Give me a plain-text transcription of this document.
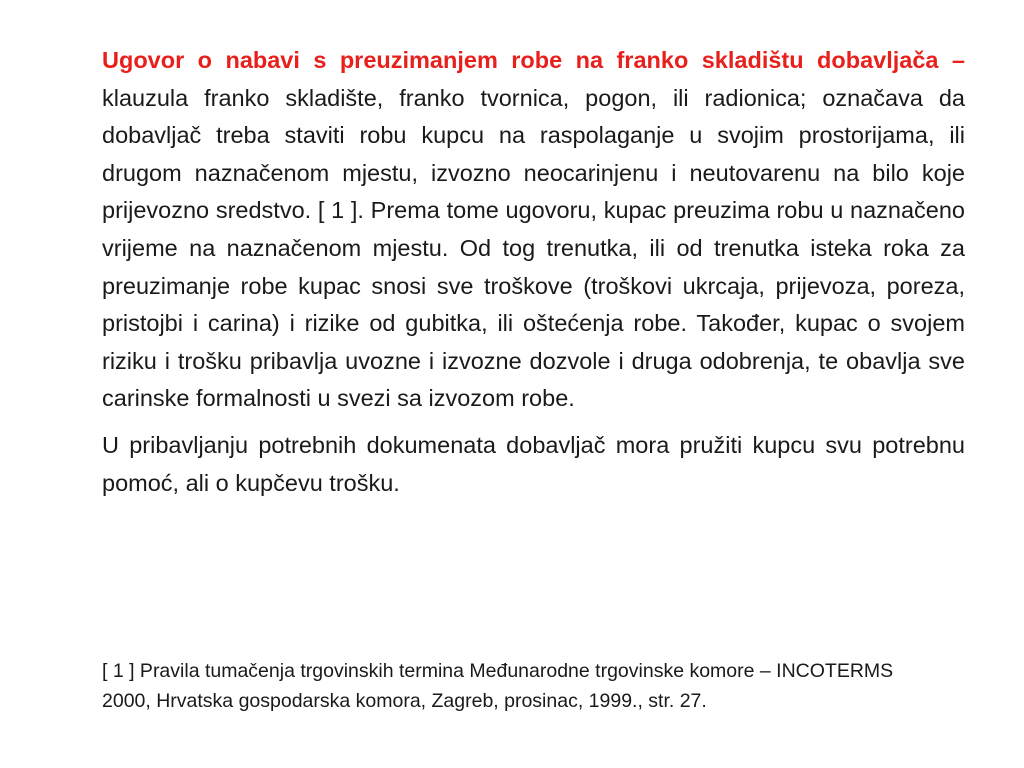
Ugovor o nabavi s preuzimanjem robe na franko skladištu dobavljača – klauzula franko skladište, franko tvornica, pogon, ili radionica; označava da dobavljač treba staviti robu kupcu na raspolaganje u svojim prostorijama, ili drugom naznačenom mjestu, izvozno neocarinjenu i neutovarenu na bilo koje prijevozno sredstvo. [ 1 ]. Prema tome ugovoru, kupac preuzima robu u naznačeno vrijeme na naznačenom mjestu. Od tog trenutka, ili od trenutka isteka roka za preuzimanje robe kupac snosi sve troškove (troškovi ukrcaja, prijevoza, poreza, pristojbi i carina) i rizike od gubitka, ili oštećenja robe. Također, kupac o svojem riziku i trošku pribavlja uvozne i izvozne dozvole i druga odobrenja, te obavlja sve carinske formalnosti u svezi sa izvozom robe.

U pribavljanju potrebnih dokumenata dobavljač mora pružiti kupcu svu potrebnu pomoć, ali o kupčevu trošku.

[ 1 ] Pravila tumačenja trgovinskih termina Međunarodne trgovinske komore – INCOTERMS 2000, Hrvatska gospodarska komora, Zagreb, prosinac, 1999., str. 27.
